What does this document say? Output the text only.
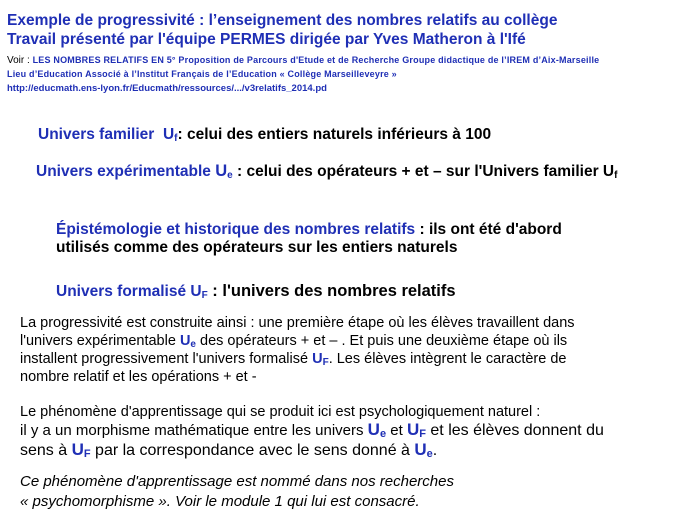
Exemple de progressivité : l’enseignement des nombres relatifs au collège
Travail présenté par l'équipe PERMES dirigée par Yves Matheron à l'Ifé
Voir : LES NOMBRES RELATIFS EN 5° Proposition de Parcours d'Etude et de Recherche Groupe didactique de l’IREM d’Aix-Marseille
Lieu d’Education Associé à l’Institut Français de l’Education « Collège Marseilleveyre »
http://educmath.ens-lyon.fr/Educmath/ressources/.../v3relatifs_2014.pd
Univers familier $U_f$: celui des entiers naturels inférieurs à 100
Univers expérimentable $U_e$ : celui des opérateurs + et – sur l'Univers familier $U_f$
Épistémologie et historique des nombres relatifs : ils ont été d'abord
utilisés comme des opérateurs sur les entiers naturels
Univers formalisé $U_F$ : l'univers des nombres relatifs
La progressivité est construite ainsi : une première étape où les élèves travaillent dans
l'univers expérimentable $U_e$ des opérateurs + et – . Et puis une deuxième étape où ils
installent progressivement l'univers formalisé $U_F$. Les élèves intègrent le caractère de
nombre relatif et les opérations + et -
Le phénomène d'apprentissage qui se produit ici est psychologiquement naturel :
il y a un morphisme mathématique entre les univers Ue et UF et les élèves donnent du
sens à UF par la correspondance avec le sens donné à Ue.
Ce phénomène d'apprentissage est nommé dans nos recherches
« psychomorphisme ». Voir le module 1 qui lui est consacré.
